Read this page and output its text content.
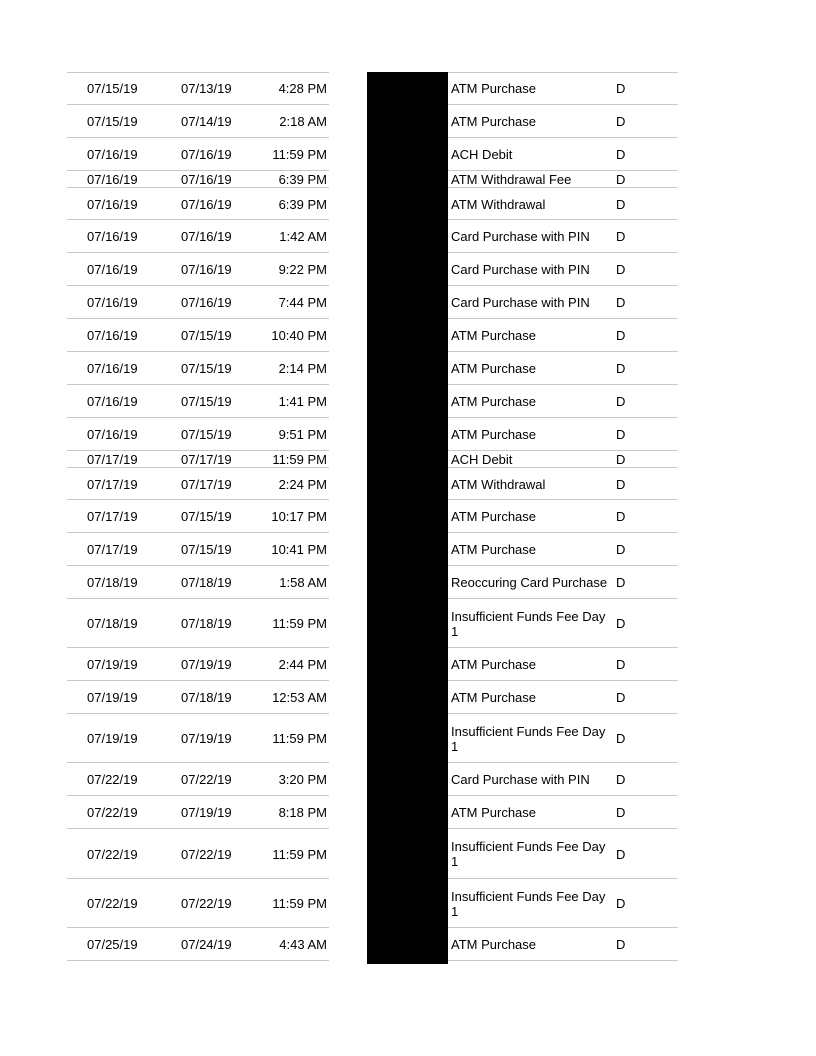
07/15/19	07/13/19	4:28 PM	ATM Purchase	D
07/15/19	07/14/19	2:18 AM	ATM Purchase	D
07/16/19	07/16/19	11:59 PM	ACH Debit	D
07/16/19	07/16/19	6:39 PM	ATM Withdrawal Fee	D
07/16/19	07/16/19	6:39 PM	ATM Withdrawal	D
07/16/19	07/16/19	1:42 AM	Card Purchase with PIN	D
07/16/19	07/16/19	9:22 PM	Card Purchase with PIN	D
07/16/19	07/16/19	7:44 PM	Card Purchase with PIN	D
07/16/19	07/15/19	10:40 PM	ATM Purchase	D
07/16/19	07/15/19	2:14 PM	ATM Purchase	D
07/16/19	07/15/19	1:41 PM	ATM Purchase	D
07/16/19	07/15/19	9:51 PM	ATM Purchase	D
07/17/19	07/17/19	11:59 PM	ACH Debit	D
07/17/19	07/17/19	2:24 PM	ATM Withdrawal	D
07/17/19	07/15/19	10:17 PM	ATM Purchase	D
07/17/19	07/15/19	10:41 PM	ATM Purchase	D
07/18/19	07/18/19	1:58 AM	Reoccuring Card Purchase D
07/18/19	07/18/19	11:59 PM	Insufficient Funds Fee Day 1	D
07/19/19	07/19/19	2:44 PM	ATM Purchase	D
07/19/19	07/18/19	12:53 AM	ATM Purchase	D
07/19/19	07/19/19	11:59 PM	Insufficient Funds Fee Day 1	D
07/22/19	07/22/19	3:20 PM	Card Purchase with PIN	D
07/22/19	07/19/19	8:18 PM	ATM Purchase	D
07/22/19	07/22/19	11:59 PM	Insufficient Funds Fee Day 1	D
07/22/19	07/22/19	11:59 PM	Insufficient Funds Fee Day 1	D
07/25/19	07/24/19	4:43 AM	ATM Purchase	D
